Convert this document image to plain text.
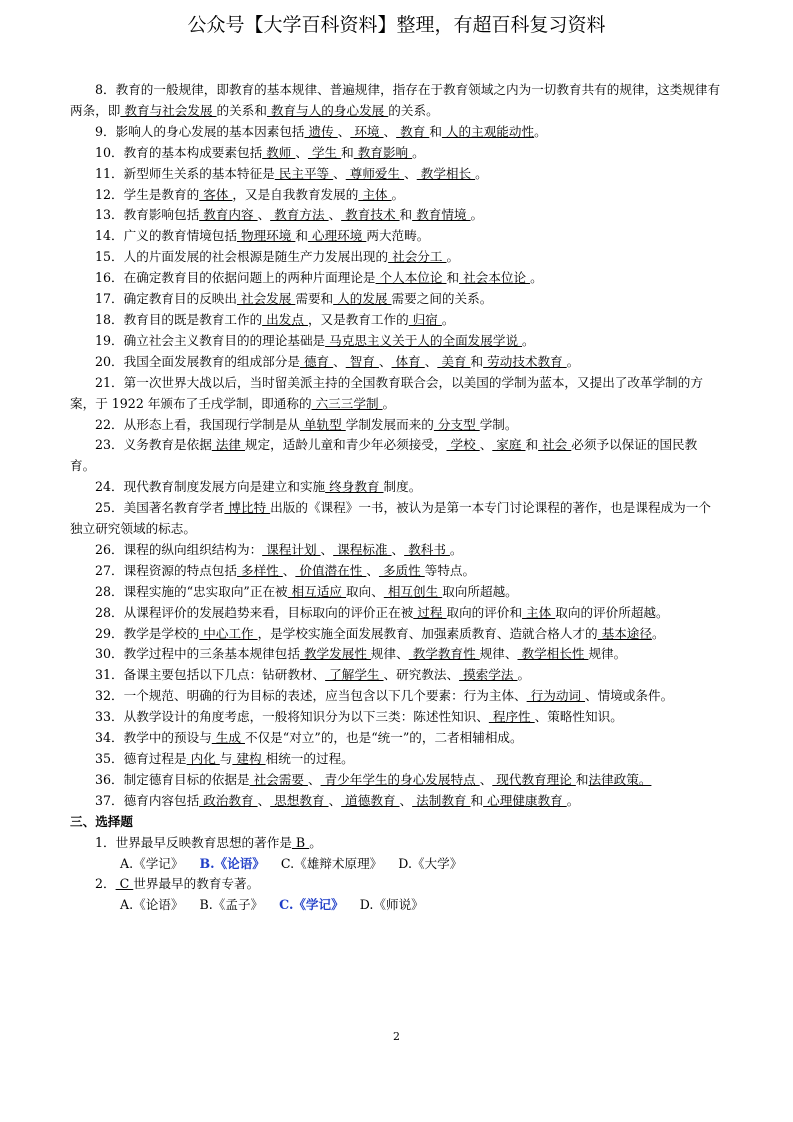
公众号【大学百科资料】整理，有超百科复习资料

8．教育的一般规律，即教育的基本规律、普遍规律，指存在于教育领域之内为一切教育共有的规律，这类规律有两条，即 教育与社会发展 的关系和 教育与人的身心发展 的关系。

9．影响人的身心发展的基本因素包括 遗传 、 环境 、 教育 和 人的主观能动性。

10．教育的基本构成要素包括 教师 、 学生 和 教育影响 。

11．新型师生关系的基本特征是 民主平等 、 尊师爱生 、 教学相长 。

12．学生是教育的 客体 ，又是自我教育发展的 主体 。

13．教育影响包括 教育内容 、 教育方法 、 教育技术 和 教育情境 。

14．广义的教育情境包括 物理环境 和 心理环境 两大范畴。

15．人的片面发展的社会根源是随生产力发展出现的 社会分工 。

16．在确定教育目的依据问题上的两种片面理论是 个人本位论 和 社会本位论 。

17．确定教育目的反映出 社会发展 需要和 人的发展 需要之间的关系。

18．教育目的既是教育工作的 出发点 ，又是教育工作的 归宿 。

19．确立社会主义教育目的的理论基础是 马克思主义关于人的全面发展学说 。

20．我国全面发展教育的组成部分是 德育 、 智育 、 体育 、 美育 和 劳动技术教育 。

21．第一次世界大战以后，当时留美派主持的全国教育联合会，以美国的学制为蓝本，又提出了改革学制的方案，于 1922 年颁布了壬戌学制，即通称的 六三三学制 。

22．从形态上看，我国现行学制是从 单轨型 学制发展而来的 分支型 学制。

23．义务教育是依据 法律 规定，适龄儿童和青少年必须接受， 学校 、 家庭 和 社会 必须予以保证的国民教育。

24．现代教育制度发展方向是建立和实施 终身教育 制度。

25．美国著名教育学者 博比特 出版的《课程》一书，被认为是第一本专门讨论课程的著作，也是课程成为一个独立研究领域的标志。

26．课程的纵向组织结构为： 课程计划 、 课程标准 、 教科书 。

27．课程资源的特点包括 多样性 、 价值潜在性 、 多质性 等特点。

28．课程实施的“忠实取向”正在被 相互适应 取向、 相互创生 取向所超越。

28．从课程评价的发展趋势来看，目标取向的评价正在被 过程 取向的评价和 主体 取向的评价所超越。

29．教学是学校的 中心工作 ，是学校实施全面发展教育、加强素质教育、造就合格人才的 基本途径。

30．教学过程中的三条基本规律包括 教学发展性 规律、 教学教育性 规律、 教学相长性 规律。

31．备课主要包括以下几点：钻研教材、 了解学生 、研究教法、 摸索学法 。

32．一个规范、明确的行为目标的表述，应当包含以下几个要素：行为主体、 行为动词 、情境或条件。

33．从教学设计的角度考虑，一般将知识分为以下三类：陈述性知识、 程序性 、策略性知识。

34．教学中的预设与 生成 不仅是“对立”的，也是“统一”的，二者相辅相成。

35．德育过程是 内化 与 建构 相统一的过程。

36．制定德育目标的依据是 社会需要 、 青少年学生的身心发展特点 、 现代教育理论 和法律政策。

37．德育内容包括 政治教育 、 思想教育 、 道德教育 、 法制教育 和 心理健康教育 。

三、选择题

1．世界最早反映教育思想的著作是 B 。

A.《学记》 B.《论语》 C.《雄辩术原理》 D.《大学》

2． C 世界最早的教育专著。

A.《论语》 B.《孟子》 C.《学记》 D.《师说》

2
